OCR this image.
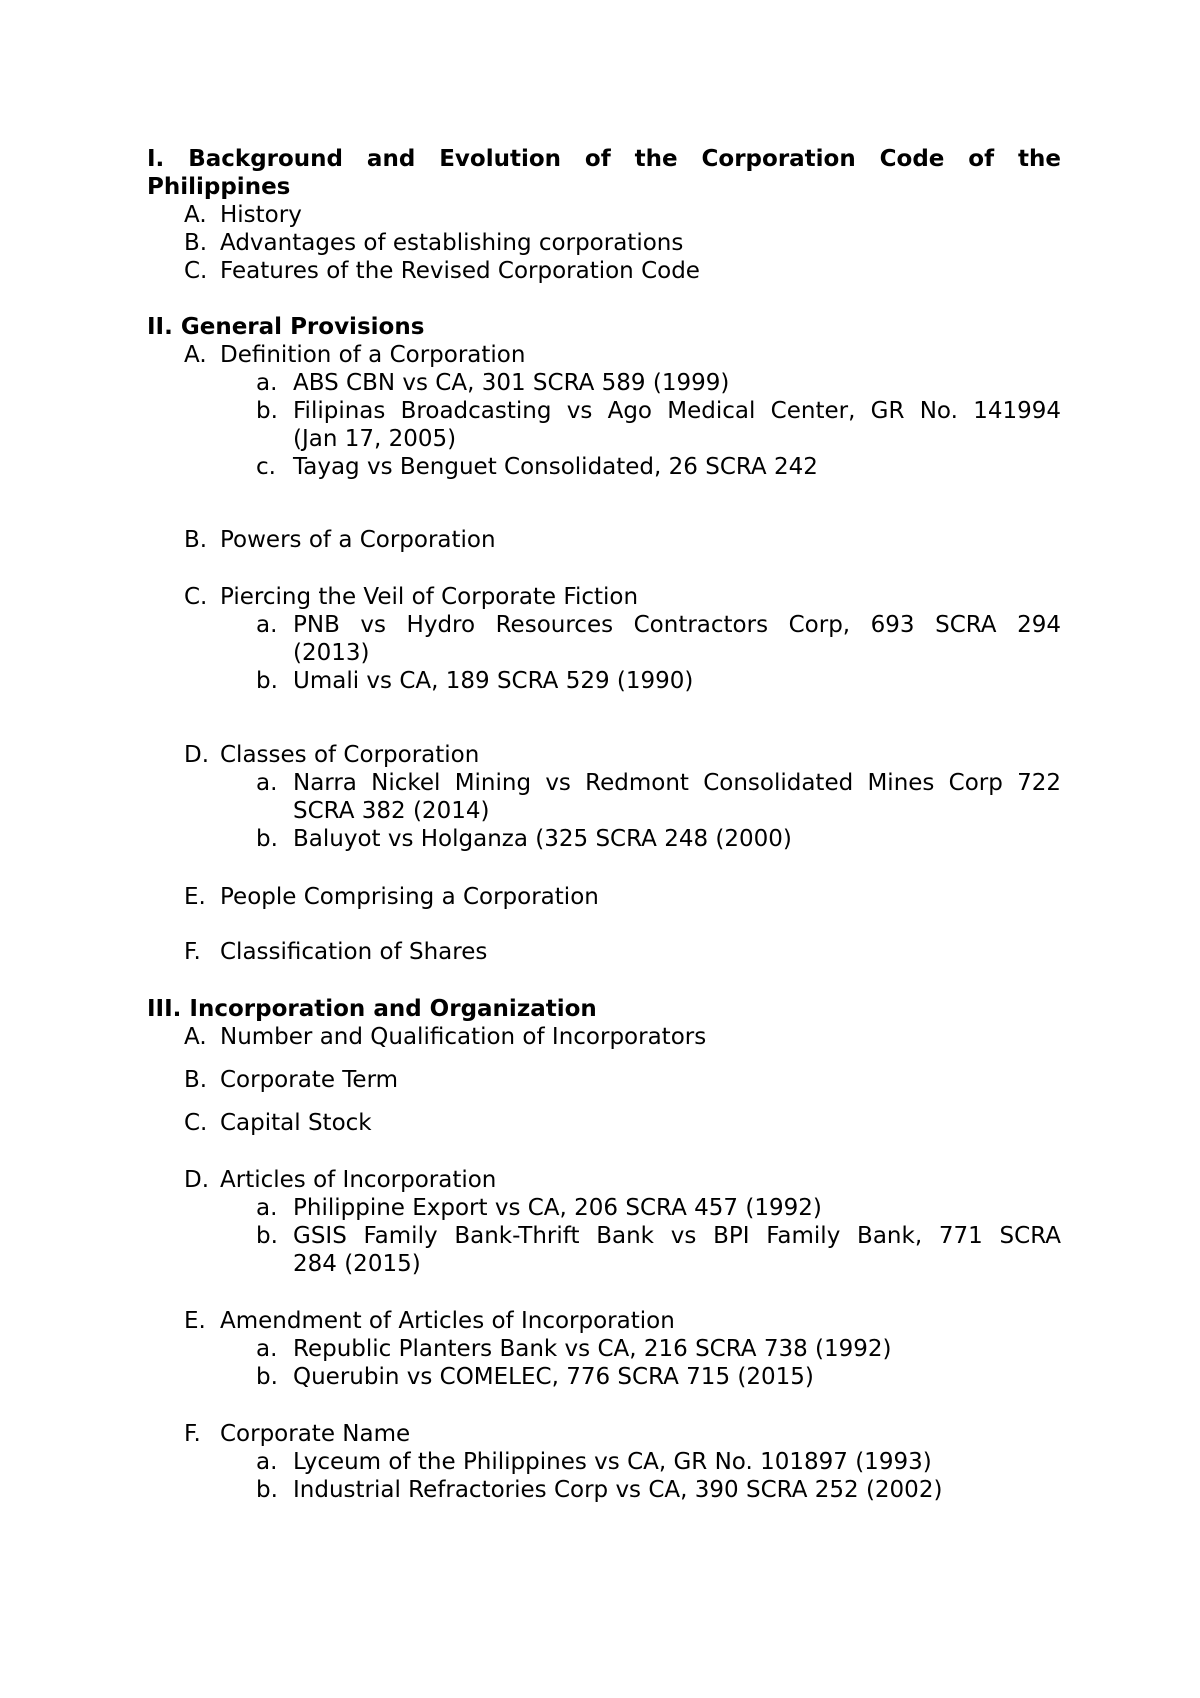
I. Background and Evolution of the Corporation Code of the
Philippines
A. History
B. Advantages of establishing corporations
C. Features of the Revised Corporation Code
II. General Provisions
A. Definition of a Corporation
a. ABS CBN vs CA, 301 SCRA 589 (1999)
b. Filipinas Broadcasting vs Ago Medical Center, GR No. 141994
(Jan 17, 2005)
c. Tayag vs Benguet Consolidated, 26 SCRA 242
B. Powers of a Corporation
C. Piercing the Veil of Corporate Fiction
a. PNB vs Hydro Resources Contractors Corp, 693 SCRA 294
(2013)
b. Umali vs CA, 189 SCRA 529 (1990)
D. Classes of Corporation
a. Narra Nickel Mining vs Redmont Consolidated Mines Corp 722
SCRA 382 (2014)
b. Baluyot vs Holganza (325 SCRA 248 (2000)
E. People Comprising a Corporation
F. Classification of Shares
III. Incorporation and Organization
A. Number and Qualification of Incorporators
B. Corporate Term
C. Capital Stock
D. Articles of Incorporation
a. Philippine Export vs CA, 206 SCRA 457 (1992)
b. GSIS Family Bank-Thrift Bank vs BPI Family Bank, 771 SCRA
284 (2015)
E. Amendment of Articles of Incorporation
a. Republic Planters Bank vs CA, 216 SCRA 738 (1992)
b. Querubin vs COMELEC, 776 SCRA 715 (2015)
F. Corporate Name
a. Lyceum of the Philippines vs CA, GR No. 101897 (1993)
b. Industrial Refractories Corp vs CA, 390 SCRA 252 (2002)
